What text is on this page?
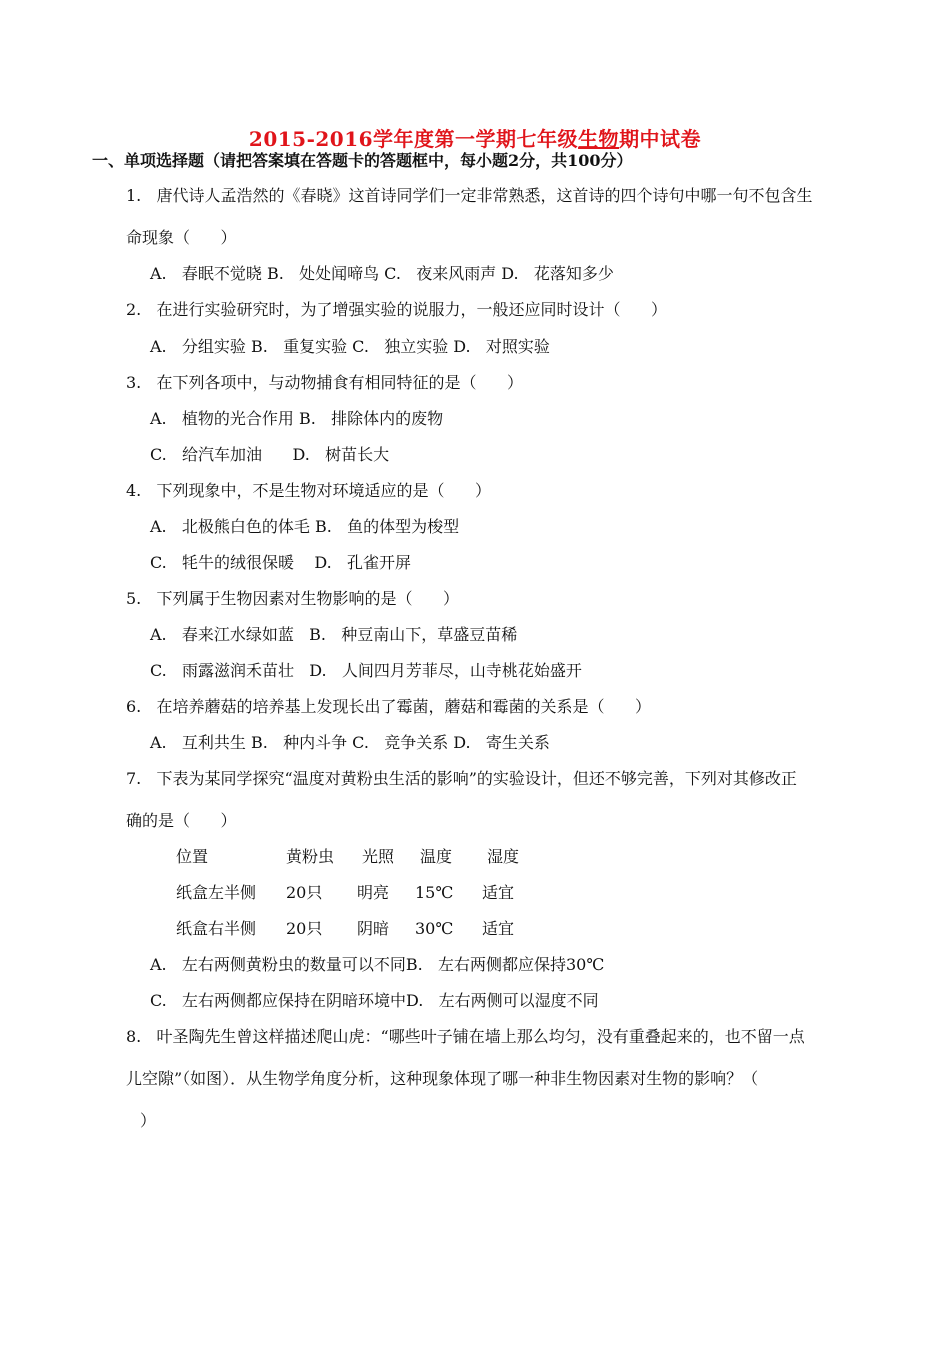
2015-2016学年度第一学期七年级生物期中试卷
一、单项选择题（请把答案填在答题卡的答题框中，每小题2分，共100分）
1.   唐代诗人孟浩然的《春晓》这首诗同学们一定非常熟悉，这首诗的四个诗句中哪一句不包含生
命现象（      ）
A.   春眠不觉晓 B.   处处闻啼鸟 C.   夜来风雨声 D.   花落知多少
2.   在进行实验研究时，为了增强实验的说服力，一般还应同时设计（      ）
A.   分组实验 B.   重复实验 C.   独立实验 D.   对照实验
3.   在下列各项中，与动物捕食有相同特征的是（      ）
A.   植物的光合作用 B.   排除体内的废物
C.   给汽车加油      D.   树苗长大
4.   下列现象中，不是生物对环境适应的是（      ）
A.   北极熊白色的体毛 B.   鱼的体型为梭型
C.   牦牛的绒很保暖    D.   孔雀开屏
5.   下列属于生物因素对生物影响的是（      ）
A.   春来江水绿如蓝   B.   种豆南山下，草盛豆苗稀
C.   雨露滋润禾苗壮   D.   人间四月芳菲尽，山寺桃花始盛开
6.   在培养蘑菇的培养基上发现长出了霉菌，蘑菇和霉菌的关系是（      ）
A.   互利共生 B.   种内斗争 C.   竞争关系 D.   寄生关系
7.   下表为某同学探究“温度对黄粉虫生活的影响”的实验设计，但还不够完善，下列对其修改正
确的是（      ）
位置	黄粉虫 光照 温度 湿度
纸盒左半侧 20只 明亮 15℃ 适宜
纸盒右半侧 20只 阴暗 30℃ 适宜
A.   左右两侧黄粉虫的数量可以不同B.   左右两侧都应保持30℃
C.   左右两侧都应保持在阴暗环境中D.   左右两侧可以湿度不同
8.   叶圣陶先生曾这样描述爬山虎：“哪些叶子铺在墙上那么均匀，没有重叠起来的，也不留一点
儿空隙”（如图）．从生物学角度分析，这种现象体现了哪一种非生物因素对生物的影响？（
）
